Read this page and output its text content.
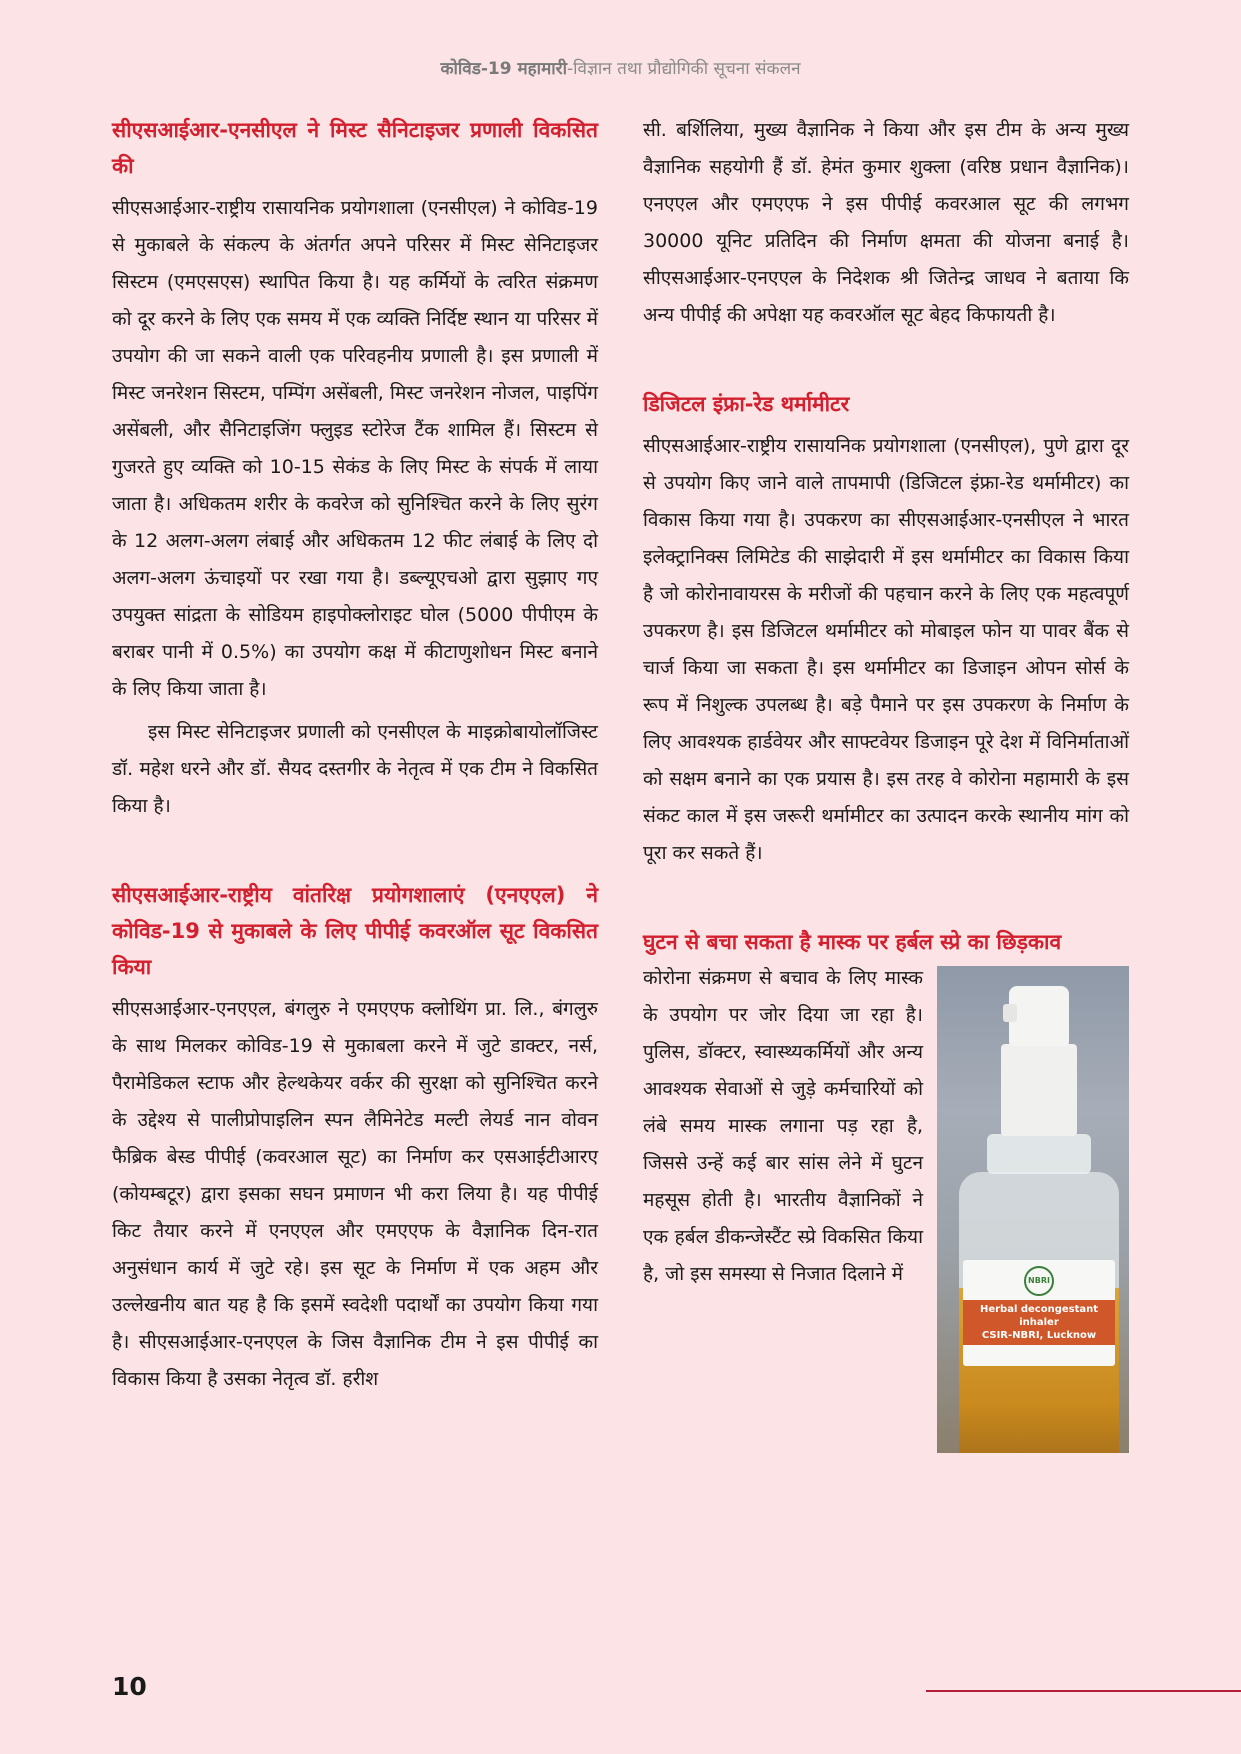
कोविड-19 महामारी-विज्ञान तथा प्रौद्योगिकी सूचना संकलन
सीएसआईआर-एनसीएल ने मिस्ट सैनिटाइजर प्रणाली विकसित की

सीएसआईआर-राष्ट्रीय रासायनिक प्रयोगशाला (एनसीएल) ने कोविड-19 से मुकाबले के संकल्प के अंतर्गत अपने परिसर में मिस्ट सेनिटाइजर सिस्टम (एमएसएस) स्थापित किया है। यह कर्मियों के त्वरित संक्रमण को दूर करने के लिए एक समय में एक व्यक्ति निर्दिष्ट स्थान या परिसर में उपयोग की जा सकने वाली एक परिवहनीय प्रणाली है। इस प्रणाली में मिस्ट जनरेशन सिस्टम, पम्पिंग असेंबली, मिस्ट जनरेशन नोजल, पाइपिंग असेंबली, और सैनिटाइजिंग फ्लुइड स्टोरेज टैंक शामिल हैं। सिस्टम से गुजरते हुए व्यक्ति को 10-15 सेकंड के लिए मिस्ट के संपर्क में लाया जाता है। अधिकतम शरीर के कवरेज को सुनिश्चित करने के लिए सुरंग के 12 अलग-अलग लंबाई और अधिकतम 12 फीट लंबाई के लिए दो अलग-अलग ऊंचाइयों पर रखा गया है। डब्ल्यूएचओ द्वारा सुझाए गए उपयुक्त सांद्रता के सोडियम हाइपोक्लोराइट घोल (5000 पीपीएम के बराबर पानी में 0.5%) का उपयोग कक्ष में कीटाणुशोधन मिस्ट बनाने के लिए किया जाता है।

इस मिस्ट सेनिटाइजर प्रणाली को एनसीएल के माइक्रोबायोलॉजिस्ट डॉ. महेश धरने और डॉ. सैयद दस्तगीर के नेतृत्व में एक टीम ने विकसित किया है।

सीएसआईआर-राष्ट्रीय वांतरिक्ष प्रयोगशालाएं (एनएएल) ने कोविड-19 से मुकाबले के लिए पीपीई कवरऑल सूट विकसित किया

सीएसआईआर-एनएएल, बंगलुरु ने एमएएफ क्लोथिंग प्रा. लि., बंगलुरु के साथ मिलकर कोविड-19 से मुकाबला करने में जुटे डाक्टर, नर्स, पैरामेडिकल स्टाफ और हेल्थकेयर वर्कर की सुरक्षा को सुनिश्चित करने के उद्देश्य से पालीप्रोपाइलिन स्पन लैमिनेटेड मल्टी लेयर्ड नान वोवन फैब्रिक बेस्ड पीपीई (कवरआल सूट) का निर्माण कर एसआईटीआरए (कोयम्बटूर) द्वारा इसका सघन प्रमाणन भी करा लिया है। यह पीपीई किट तैयार करने में एनएएल और एमएएफ के वैज्ञानिक दिन-रात अनुसंधान कार्य में जुटे रहे। इस सूट के निर्माण में एक अहम और उल्लेखनीय बात यह है कि इसमें स्वदेशी पदार्थों का उपयोग किया गया है। सीएसआईआर-एनएएल के जिस वैज्ञानिक टीम ने इस पीपीई का विकास किया है उसका नेतृत्व डॉ. हरीश

सी. बर्शिलिया, मुख्य वैज्ञानिक ने किया और इस टीम के अन्य मुख्य वैज्ञानिक सहयोगी हैं डॉ. हेमंत कुमार शुक्ला (वरिष्ठ प्रधान वैज्ञानिक)। एनएएल और एमएएफ ने इस पीपीई कवरआल सूट की लगभग 30000 यूनिट प्रतिदिन की निर्माण क्षमता की योजना बनाई है। सीएसआईआर-एनएएल के निदेशक श्री जितेन्द्र जाधव ने बताया कि अन्य पीपीई की अपेक्षा यह कवरऑल सूट बेहद किफायती है।

डिजिटल इंफ्रा-रेड थर्मामीटर

सीएसआईआर-राष्ट्रीय रासायनिक प्रयोगशाला (एनसीएल), पुणे द्वारा दूर से उपयोग किए जाने वाले तापमापी (डिजिटल इंफ्रा-रेड थर्मामीटर) का विकास किया गया है। उपकरण का सीएसआईआर-एनसीएल ने भारत इलेक्ट्रानिक्स लिमिटेड की साझेदारी में इस थर्मामीटर का विकास किया है जो कोरोनावायरस के मरीजों की पहचान करने के लिए एक महत्वपूर्ण उपकरण है। इस डिजिटल थर्मामीटर को मोबाइल फोन या पावर बैंक से चार्ज किया जा सकता है। इस थर्मामीटर का डिजाइन ओपन सोर्स के रूप में निशुल्क उपलब्ध है। बड़े पैमाने पर इस उपकरण के निर्माण के लिए आवश्यक हार्डवेयर और साफ्टवेयर डिजाइन पूरे देश में विनिर्माताओं को सक्षम बनाने का एक प्रयास है। इस तरह वे कोरोना महामारी के इस संकट काल में इस जरूरी थर्मामीटर का उत्पादन करके स्थानीय मांग को पूरा कर सकते हैं।

घुटन से बचा सकता है मास्क पर हर्बल स्प्रे का छिड़काव
NBRI
Herbal decongestant
inhaler
CSIR-NBRI, Lucknow

कोरोना संक्रमण से बचाव के लिए मास्क के उपयोग पर जोर दिया जा रहा है। पुलिस, डॉक्टर, स्वास्थ्यकर्मियों और अन्य आवश्यक सेवाओं से जुड़े कर्मचारियों को लंबे समय मास्क लगाना पड़ रहा है, जिससे उन्हें कई बार सांस लेने में घुटन महसूस होती है। भारतीय वैज्ञानिकों ने एक हर्बल डीकन्जेस्टैंट स्प्रे विकसित किया है, जो इस समस्या से निजात दिलाने में

10
